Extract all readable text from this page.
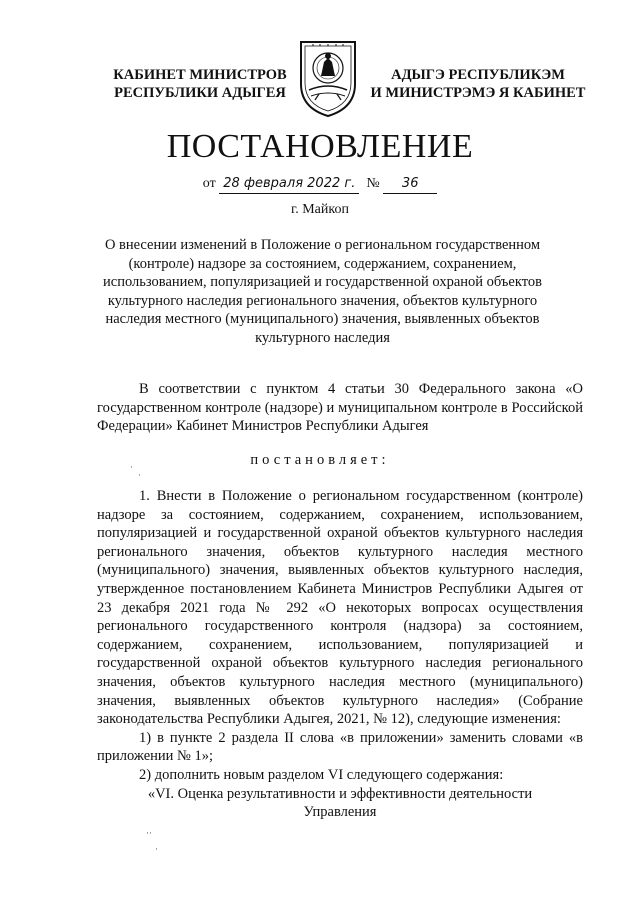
КАБИНЕТ МИНИСТРОВ
РЕСПУБЛИКИ АДЫГЕЯ
АДЫГЭ РЕСПУБЛИКЭМ
И МИНИСТРЭМЭ Я КАБИНЕТ
ПОСТАНОВЛЕНИЕ
от 28 февраля 2022 г. № 36
г. Майкоп
О внесении изменений в Положение о региональном государственном (контроле) надзоре за состоянием, содержанием, сохранением, использованием, популяризацией и государственной охраной объектов культурного наследия регионального значения, объектов культурного наследия местного (муниципального) значения, выявленных объектов культурного наследия

В соответствии с пунктом 4 статьи 30 Федерального закона «О государственном контроле (надзоре) и муниципальном контроле в Российской Федерации» Кабинет Министров Республики Адыгея

постановляет:

1. Внести в Положение о региональном государственном (контроле) надзоре за состоянием, содержанием, сохранением, использованием, популяризацией и государственной охраной объектов культурного наследия регионального значения, объектов культурного наследия местного (муниципального) значения, выявленных объектов культурного наследия, утвержденное постановлением Кабинета Министров Республики Адыгея от 23 декабря 2021 года № 292 «О некоторых вопросах осуществления регионального государственного контроля (надзора) за состоянием, содержанием, сохранением, использованием, популяризацией и государственной охраной объектов культурного наследия регионального значения, объектов культурного наследия местного (муниципального) значения, выявленных объектов культурного наследия» (Собрание законодательства Республики Адыгея, 2021, № 12), следующие изменения:

1) в пункте 2 раздела II слова «в приложении» заменить словами «в приложении № 1»;

2) дополнить новым разделом VI следующего содержания:

«VI. Оценка результативности и эффективности деятельности

Управления

·
·
··
·
